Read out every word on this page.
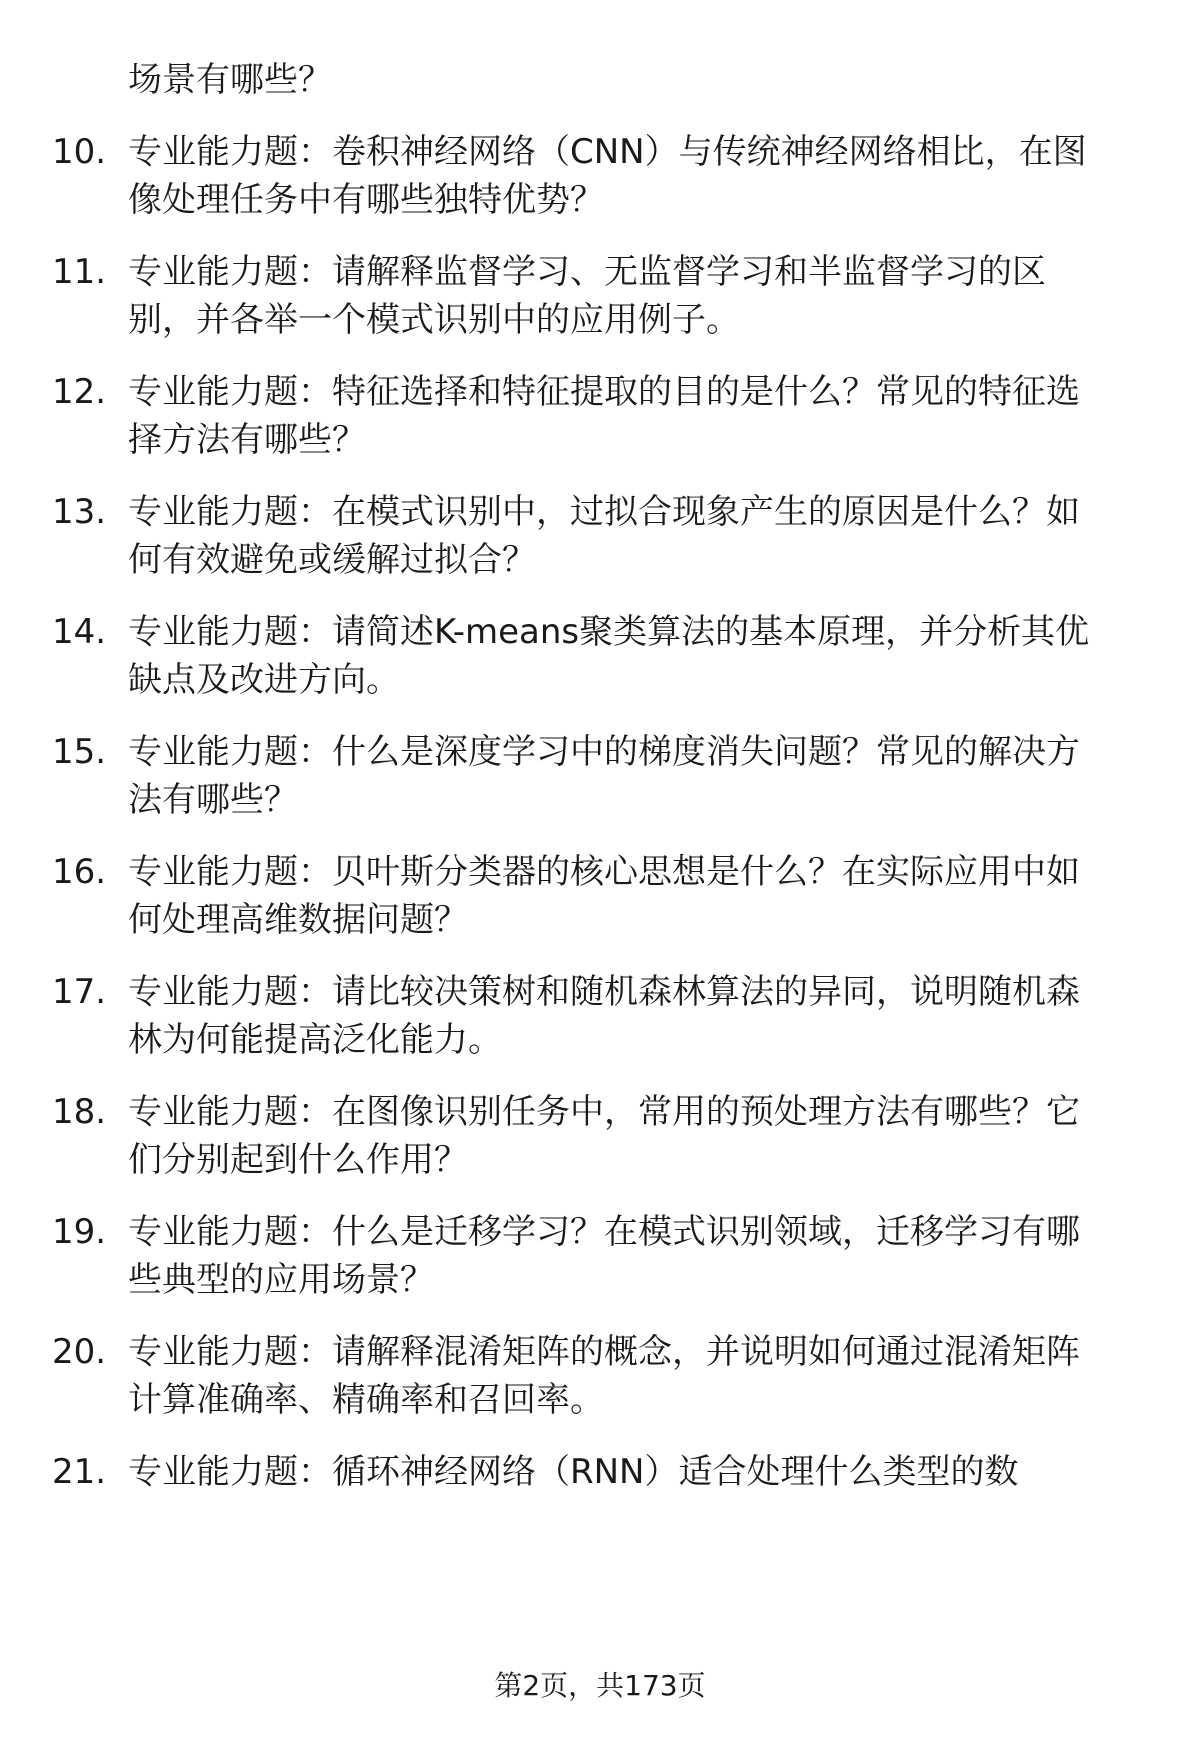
场景有哪些？
10. 专业能力题：卷积神经网络（CNN）与传统神经网络相比，在图
像处理任务中有哪些独特优势？
11. 专业能力题：请解释监督学习、无监督学习和半监督学习的区
别，并各举一个模式识别中的应用例子。
12. 专业能力题：特征选择和特征提取的目的是什么？常见的特征选
择方法有哪些？
13. 专业能力题：在模式识别中，过拟合现象产生的原因是什么？如
何有效避免或缓解过拟合？
14. 专业能力题：请简述K-means聚类算法的基本原理，并分析其优
缺点及改进方向。
15. 专业能力题：什么是深度学习中的梯度消失问题？常见的解决方
法有哪些？
16. 专业能力题：贝叶斯分类器的核心思想是什么？在实际应用中如
何处理高维数据问题？
17. 专业能力题：请比较决策树和随机森林算法的异同，说明随机森
林为何能提高泛化能力。
18. 专业能力题：在图像识别任务中，常用的预处理方法有哪些？它
们分别起到什么作用？
19. 专业能力题：什么是迁移学习？在模式识别领域，迁移学习有哪
些典型的应用场景？
20. 专业能力题：请解释混淆矩阵的概念，并说明如何通过混淆矩阵
计算准确率、精确率和召回率。
21. 专业能力题：循环神经网络（RNN）适合处理什么类型的数
第2页，共173页
